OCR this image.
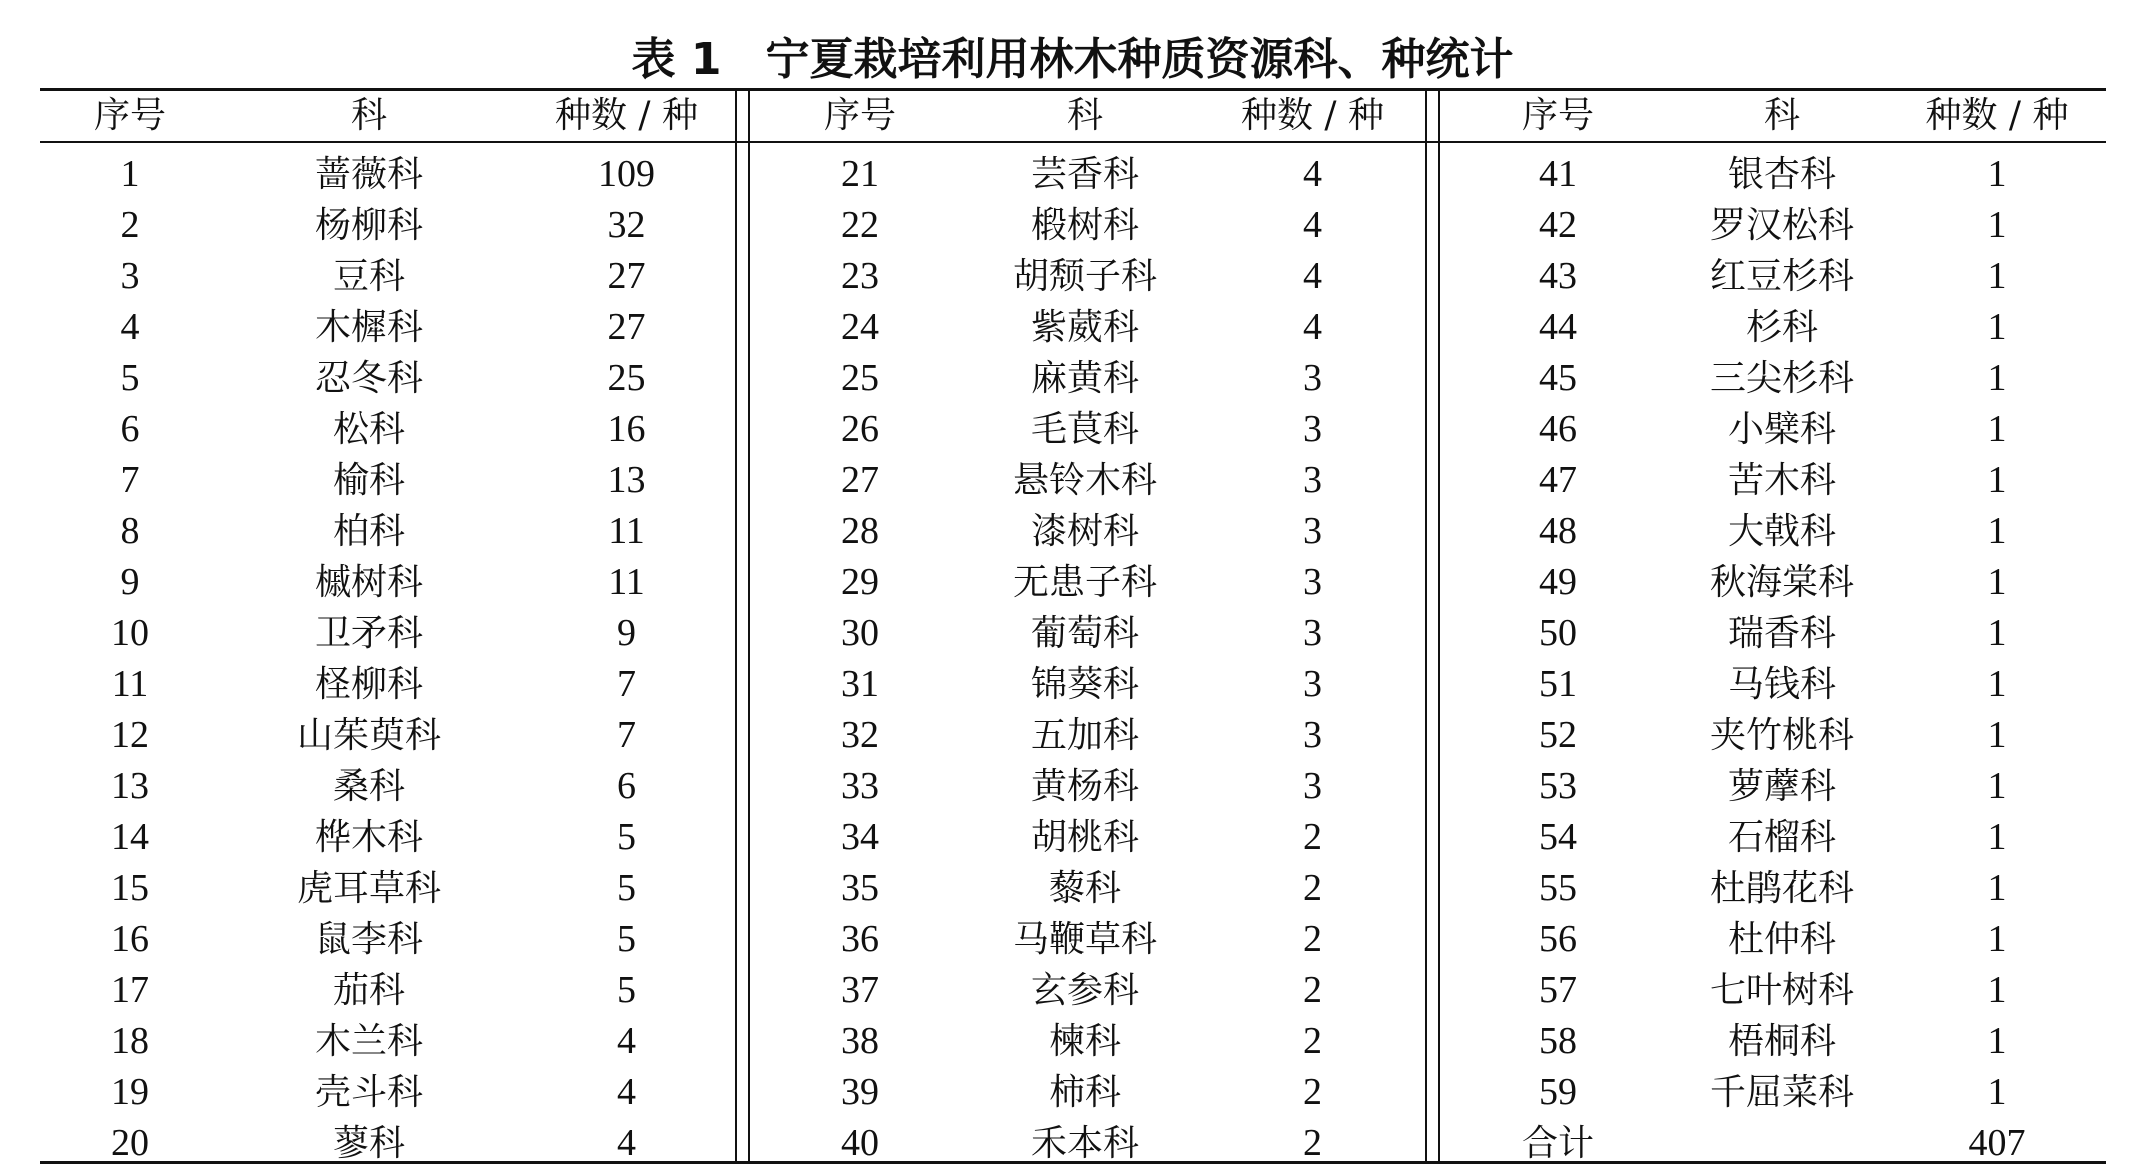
表 1 宁夏栽培利用林木种质资源科、种统计
序号	科	种数 / 种
1	蔷薇科	109
2	杨柳科	32
3	豆科	27
4	木樨科	27
5	忍冬科	25
6	松科	16
7	榆科	13
8	柏科	11
9	槭树科	11
10	卫矛科	9
11	柽柳科	7
12	山茱萸科	7
13	桑科	6
14	桦木科	5
15	虎耳草科	5
16	鼠李科	5
17	茄科	5
18	木兰科	4
19	壳斗科	4
20	蓼科	4
序号	科	种数 / 种
21	芸香科	4
22	椴树科	4
23	胡颓子科	4
24	紫葳科	4
25	麻黄科	3
26	毛茛科	3
27	悬铃木科	3
28	漆树科	3
29	无患子科	3
30	葡萄科	3
31	锦葵科	3
32	五加科	3
33	黄杨科	3
34	胡桃科	2
35	藜科	2
36	马鞭草科	2
37	玄参科	2
38	楝科	2
39	柿科	2
40	禾本科	2
序号	科	种数 / 种
41	银杏科	1
42	罗汉松科	1
43	红豆杉科	1
44	杉科	1
45	三尖杉科	1
46	小檗科	1
47	苦木科	1
48	大戟科	1
49	秋海棠科	1
50	瑞香科	1
51	马钱科	1
52	夹竹桃科	1
53	萝藦科	1
54	石榴科	1
55	杜鹃花科	1
56	杜仲科	1
57	七叶树科	1
58	梧桐科	1
59	千屈菜科	1
合计		407
